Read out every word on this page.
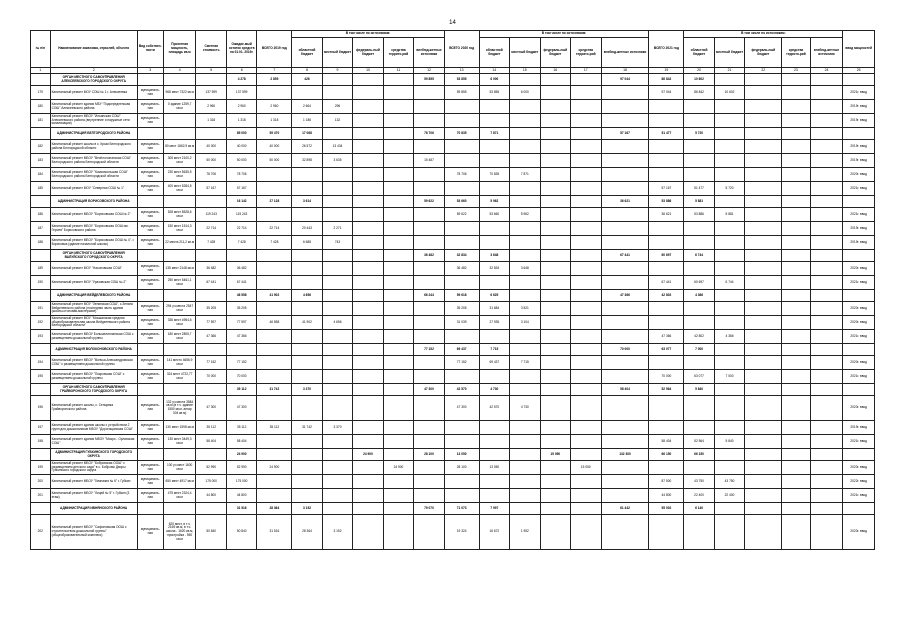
14
№ п/п	Наименование заказчика, отраслей, объекта	Вид собствен-ности	Проектная мощность, площадь кв.м	Сметная стоимость	Ожидае-мый остаток средств на 01.01. 2019г.	ВСЕГО 2019 год	В том числе по источникам:					ВСЕГО 2020 год	В том числе по источникам:					ВСЕГО 2021 год	В том числе по источникам:					ввод мощностей
							областной бюджет	местный бюджет	федераль-ный бюджет	средства террито-рий	внебюд-жетные источники		областной бюджет	местный бюджет	федераль-ный бюджет	средства террито-рий	внебюд-жетные источники		областной бюджет	местный бюджет	федераль-ный бюджет	средства террито-рий	внебюд-жетные источники	
1	2	3	4	5	6	7	8	9	10	11	12	13	14	15	16	17	18	19	20	21	22	23	24	25
	ОРГАН МЕСТНОГО САМОУПРАВЛЕНИЯ АЛЕКСЕЕВСКОГО ГОРОДСКОГО ОКРУГА				4 278	2 859	426				59 855	53 855	6 000				97 044	86 842	10 602					
179	Капитальный ремонт МОУ СОШ № 1 г. Алексеевка	муниципаль-ная	968 мест 7322 кв.м	137 599	137 599							59 855	53 855	6 000				97 044	86 842	10 602				2021г. ввод
180	Капитальный ремонт здания МБУ "Подсередненская СОШ" Алексеевского района	муниципаль-ная	0 здание 1259,7 кв.м	2 960	2 960	2 960	2 664	296																2019г. ввод
181	Капитальный ремонт МБОУ "Ильинская СОШ" Алексеевского района (внутренние и наружные сети канализации)	муниципаль-ная		1 318	1 318	1 318	1 186	132																2019г. ввод
	АДМИНИСТРАЦИЯ БЕЛГОРОДСКОГО РАЙОНА				85 000	59 470	17 068				78 706	70 835	7 871				57 167	51 477	5 720					
182	Капитальный ремонт школы в с. Крым Белгородского района Белгородской области	муниципаль-ная	80 мест 1862,9 кв.м	40 000	40 000	40 000	26 572	13 434																2019г. ввод
183	Капитальный ремонт МБОУ "Весёлолопанская СОШ" Белгородского района Белгородской области	муниципаль-ная	305 мест 2100,2 кв.м	50 000	50 000	50 000	32 898	3 635			15 487													2019г. ввод
184	Капитальный ремонт МБОУ "Комсомольская СОШ" Белгородского района Белгородской области	муниципаль-ная	230 мест 5635,5 кв.м	78 706	78 706							78 706	70 835	7 871										2020г. ввод
185	Капитальный ремонт МОУ "Северная СОШ № 1"	муниципаль-ная	400 мест 5284,5 кв.м	57 167	57 167													57 167	51 477	5 720				2021г. ввод
	АДМИНИСТРАЦИЯ БОРИСОВСКОГО РАЙОНА				16 142	27 128	3 614				59 622	53 660	5 962				36 621	53 886	5 881					
186	Капитальный ремонт МБОУ "Борисовская СОШ № 2"	муниципаль-ная	528 мест 8528,6 кв.м	119 243	119 243							59 622	53 660	5 962				36 621	53 886	5 881				2021г. ввод
187	Капитальный ремонт МБОУ "Борисовская ООШ им. Героев" Борисовского района	муниципаль-ная	150 мест 1514,3 кв.м	22 714	22 714	22 714	20 443	2 271																2019г. ввод
188	Капитальный ремонт МБОУ "Борисовская ООШ № 4", г. Борисовка (здание начальной школы)	муниципаль-ная	22 места 211,2 кв.м	7 428	7 428	7 428	6 685	743																2019г. ввод
	ОРГАН МЕСТНОГО САМОУПРАВЛЕНИЯ ВАЛУЙСКОГО ГОРОДСКОГО ОКРУГА										36 482	32 834	3 648				67 441	60 697	6 744					
189	Капитальный ремонт МОУ "Насоновская СОШ"	муниципаль-ная	135 мест 2148 кв.м	36 482	36 482							36 482	32 834	3 648										2020г. ввод
190	Капитальный ремонт МОУ "Уразовская СОШ № 2"	муниципаль-ная	250 мест 5461,1 кв.м	67 441	67 441													67 441	60 697	6 744				2021г. ввод
	АДМИНИСТРАЦИЯ ВЕЙДЕЛЕВСКОГО РАЙОНА				46 558	41 902	4 656				66 244	59 618	6 625				47 366	42 802	4 366					
191	Капитальный ремонт МОУ "Зенинская СОШ", с.Зенино Вейделевского района (последняя часть здания (школы-столовая-мастерские)	муниципаль-ная	294 уч.места 2547 кв.м	35 205	35 205							35 205	31 684	3 521										2020г. ввод
192	Капитальный ремонт МОУ "Мокшанская средняя общеобразовательная школа Вейделевского района Белгородской области"	муниципаль-ная	336 мест 4954,6 кв.м	77 597	77 597	46 558	41 902	4 656				31 039	27 935	3 104										2020г. ввод
193	Капитальный ремонт МБОУ Большелипчанская СОШ с размещением дошкольной группы	муниципаль-ная	180 мест 2805,7 кв.м	47 366	47 366													47 366	42 802	4 366				2021г. ввод
	АДМИНИСТРАЦИЯ ВОЛОКОНОВСКОГО РАЙОНА										77 152	69 437	7 715				70 000	63 077	7 000					
194	Капитальный ремонт МБОУ "Волчья-Александровская СОШ" с размещением дошкольной группы	муниципаль-ная	141 место 4656,9 кв.м	77 152	77 152							77 152	69 437	7 715										2020г. ввод
195	Капитальный ремонт МБОУ "Покровская СОШ" с размещением дошкольной группы	муниципаль-ная	324 мест 4722,77 кв.м	70 000	70 000													70 000	63 077	7 000				2021г. ввод
	ОРГАН МЕСТНОГО САМОУПРАВЛЕНИЯ ГРАЙВОРОНСКОГО ГОРОДСКОГО ОКРУГА				35 112	31 742	3 370				47 300	42 570	4 730				58 404	52 564	5 840					
196	Капитальный ремонт школы, с. Сенцовка Грайворонского района	муниципаль-ная	132 уч.места 3584 кв.м (в т.ч. здание 1550 кв.м, ангар 304 кв.м)	47 300	47 300							47 300	42 570	4 730										2020г. ввод
197	Капитальный ремонт здания школы с устройством 2 групп для дошкольников МБОУ "Дорогощанская СОШ"	муниципаль-ная	130 мест 1598 кв.м	35 112	35 112	35 112	31 742	3 370																2019г. ввод
198	Капитальный ремонт здания МБОУ "Мокро - Орловская СОШ"	муниципаль-ная	130 мест 3449,3 кв.м	58 404	58 404													58 404	52 564	5 840				2021г. ввод
	АДМИНИСТРАЦИЯ ГУБКИНСКОГО ГОРОДСКОГО ОКРУГА				24 900				24 900		28 100	13 050			15 050		132 300	66 150	66 150					
199	Капитальный ремонт МБОУ "Бобровская ООШ" с размещением детского сада" в с. Бобровы Дворы Губкинского городского округа	муниципаль-ная	100 уч.мест 1600 кв.м	52 990	52 990	24 900				24 900		28 100	13 050			15 050								2020г. ввод
200	Капитальный ремонт МБОУ "Гимназия № 6" г. Губкин	муниципаль-ная	650 мест 4917 кв.м	175 000	175 000													87 500	43 750	43 750				2022г. ввод
201	Капитальный ремонт МБОУ "Лицей № 5" г. Губкин (3 этаж)	муниципаль-ная	475 мест 2324,4 кв.м	44 800	44 800													44 800	22 400	22 400				2021г. ввод
	АДМИНИСТРАЦИЯ ИВНЯНСКОГО РАЙОНА				31 516	28 364	3 152				79 070	71 073	7 997				61 442	55 002	6 140					
202	Капитальный ремонт МБОУ "Сафоновская ООШ с строительством дошкольной группы" (общеобразовательный комплекс)	муниципаль-ная	620 мест, в т.ч. 2169 кв.м, в т.ч. школа - 1620 кв.м, пристройка - 550 кв.м	50 840	50 840	31 516	28 364	3 152				19 324	16 672	1 952										2020г. ввод
